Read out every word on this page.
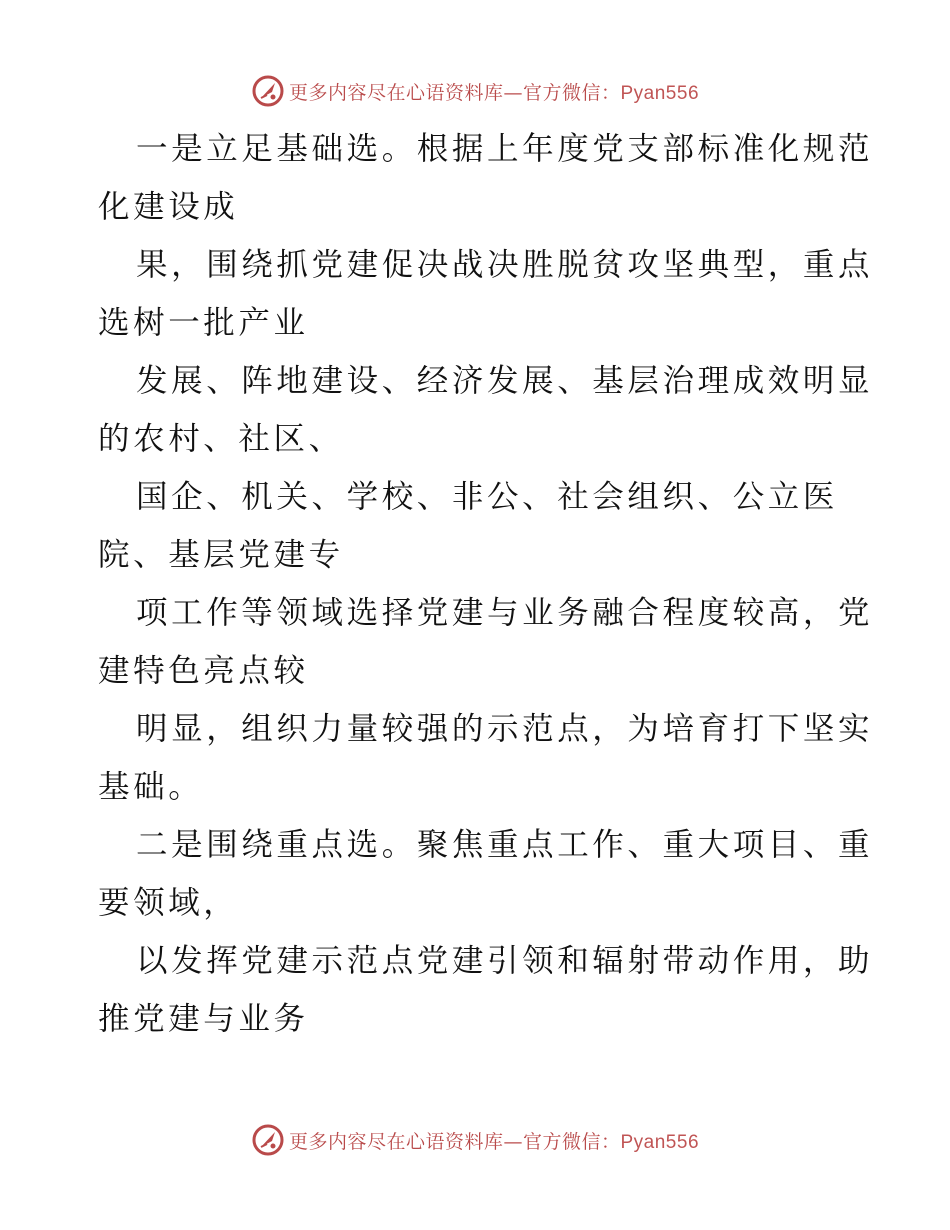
更多内容尽在心语资料库—官方微信：Pyan556

一是立足基础选。根据上年度党支部标准化规范
化建设成

果，围绕抓党建促决战决胜脱贫攻坚典型，重点
选树一批产业

发展、阵地建设、经济发展、基层治理成效明显
的农村、社区、

国企、机关、学校、非公、社会组织、公立医
院、基层党建专

项工作等领域选择党建与业务融合程度较高，党
建特色亮点较

明显，组织力量较强的示范点，为培育打下坚实
基础。

二是围绕重点选。聚焦重点工作、重大项目、重
要领域，

以发挥党建示范点党建引领和辐射带动作用，助
推党建与业务

更多内容尽在心语资料库—官方微信：Pyan556
